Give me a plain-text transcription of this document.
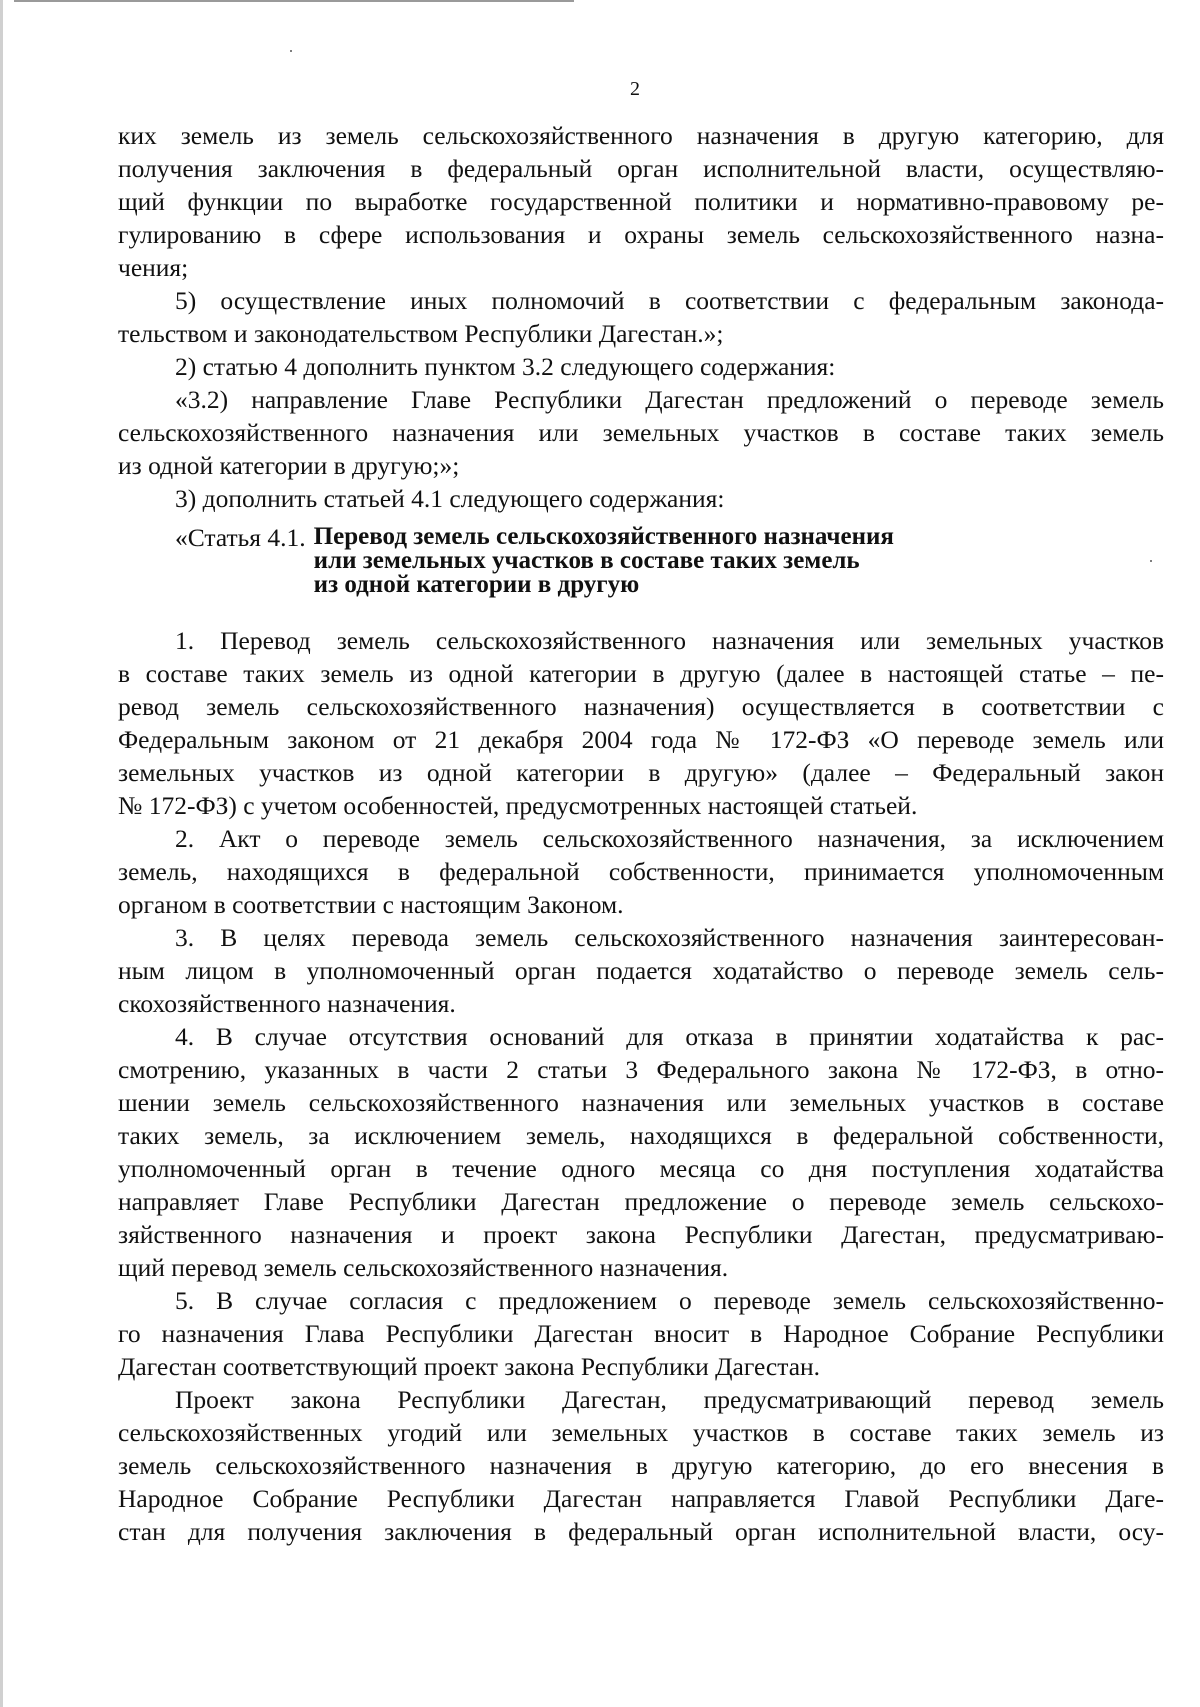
2
ких земель из земель сельскохозяйственного назначения в другую категорию, для
получения заключения в федеральный орган исполнительной власти, осуществляю-
щий функции по выработке государственной политики и нормативно-правовому ре-
гулированию в сфере использования и охраны земель сельскохозяйственного назна-
чения;
5) осуществление иных полномочий в соответствии с федеральным законода-
тельством и законодательством Республики Дагестан.»;
2) статью 4 дополнить пунктом 3.2 следующего содержания:
«3.2) направление Главе Республики Дагестан предложений о переводе земель
сельскохозяйственного назначения или земельных участков в составе таких земель
из одной категории в другую;»;
3) дополнить статьей 4.1 следующего содержания:
«Статья 4.1. Перевод земель сельскохозяйственного назначения
или земельных участков в составе таких земель
из одной категории в другую
1. Перевод земель сельскохозяйственного назначения или земельных участков
в составе таких земель из одной категории в другую (далее в настоящей статье – пе-
ревод земель сельскохозяйственного назначения) осуществляется в соответствии с
Федеральным законом от 21 декабря 2004 года № 172-ФЗ «О переводе земель или
земельных участков из одной категории в другую» (далее – Федеральный закон
№ 172-ФЗ) с учетом особенностей, предусмотренных настоящей статьей.
2. Акт о переводе земель сельскохозяйственного назначения, за исключением
земель, находящихся в федеральной собственности, принимается уполномоченным
органом в соответствии с настоящим Законом.
3. В целях перевода земель сельскохозяйственного назначения заинтересован-
ным лицом в уполномоченный орган подается ходатайство о переводе земель сель-
скохозяйственного назначения.
4. В случае отсутствия оснований для отказа в принятии ходатайства к рас-
смотрению, указанных в части 2 статьи 3 Федерального закона № 172-ФЗ, в отно-
шении земель сельскохозяйственного назначения или земельных участков в составе
таких земель, за исключением земель, находящихся в федеральной собственности,
уполномоченный орган в течение одного месяца со дня поступления ходатайства
направляет Главе Республики Дагестан предложение о переводе земель сельскохо-
зяйственного назначения и проект закона Республики Дагестан, предусматриваю-
щий перевод земель сельскохозяйственного назначения.
5. В случае согласия с предложением о переводе земель сельскохозяйственно-
го назначения Глава Республики Дагестан вносит в Народное Собрание Республики
Дагестан соответствующий проект закона Республики Дагестан.
Проект закона Республики Дагестан, предусматривающий перевод земель
сельскохозяйственных угодий или земельных участков в составе таких земель из
земель сельскохозяйственного назначения в другую категорию, до его внесения в
Народное Собрание Республики Дагестан направляется Главой Республики Даге-
стан для получения заключения в федеральный орган исполнительной власти, осу-
